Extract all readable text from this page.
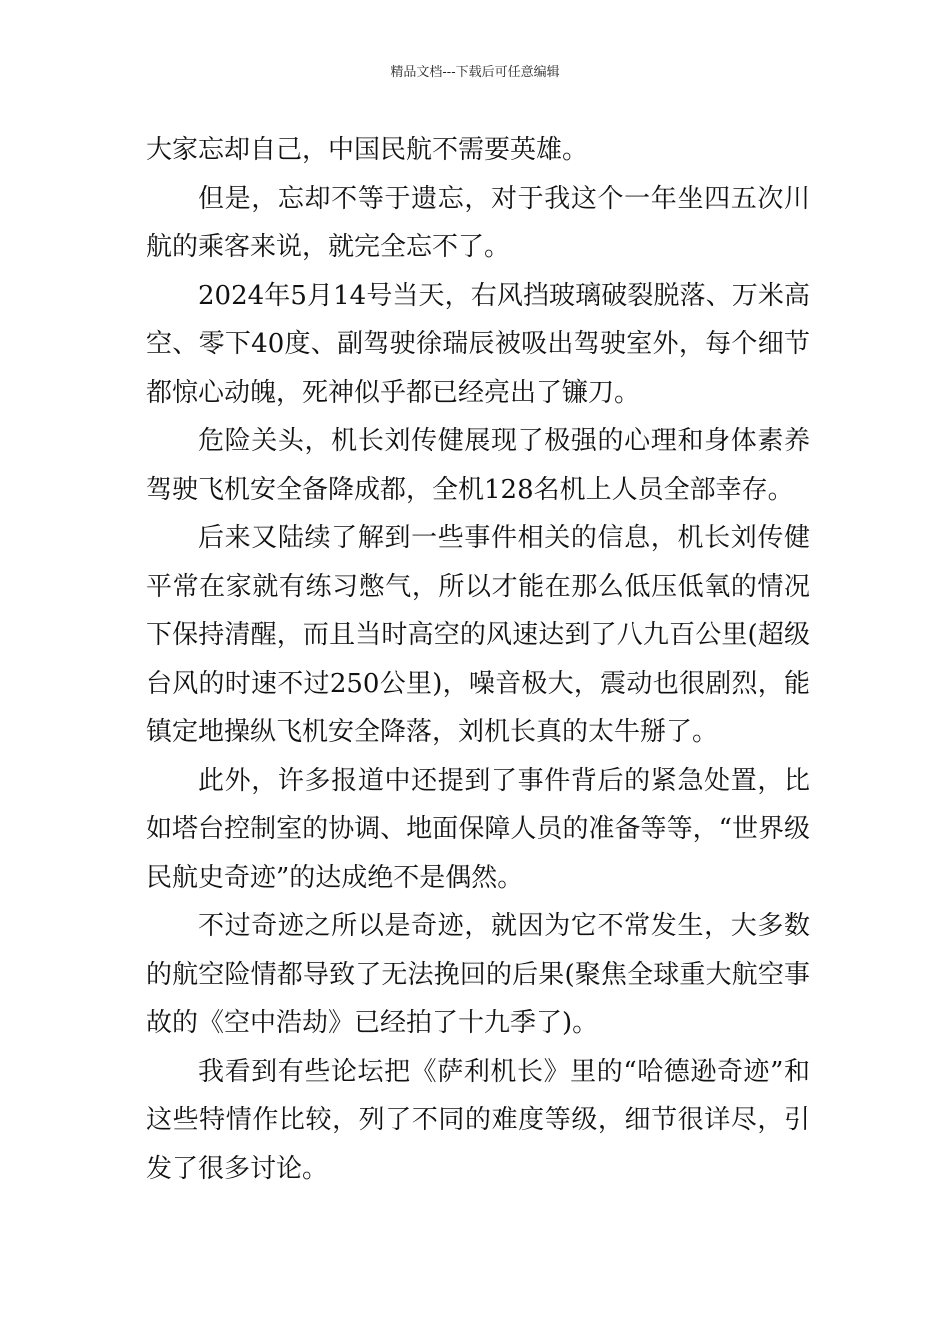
精品文档---下载后可任意编辑

大家忘却自己，中国民航不需要英雄。

但是，忘却不等于遗忘，对于我这个一年坐四五次川航的乘客来说，就完全忘不了。

2024年5月14号当天，右风挡玻璃破裂脱落、万米高空、零下40度、副驾驶徐瑞辰被吸出驾驶室外，每个细节都惊心动魄，死神似乎都已经亮出了镰刀。

危险关头，机长刘传健展现了极强的心理和身体素养驾驶飞机安全备降成都，全机128名机上人员全部幸存。

后来又陆续了解到一些事件相关的信息，机长刘传健平常在家就有练习憋气，所以才能在那么低压低氧的情况下保持清醒，而且当时高空的风速达到了八九百公里(超级台风的时速不过250公里)，噪音极大，震动也很剧烈，能镇定地操纵飞机安全降落，刘机长真的太牛掰了。

此外，许多报道中还提到了事件背后的紧急处置，比如塔台控制室的协调、地面保障人员的准备等等，“世界级民航史奇迹”的达成绝不是偶然。

不过奇迹之所以是奇迹，就因为它不常发生，大多数的航空险情都导致了无法挽回的后果(聚焦全球重大航空事故的《空中浩劫》已经拍了十九季了)。

我看到有些论坛把《萨利机长》里的“哈德逊奇迹”和这些特情作比较，列了不同的难度等级，细节很详尽，引发了很多讨论。
